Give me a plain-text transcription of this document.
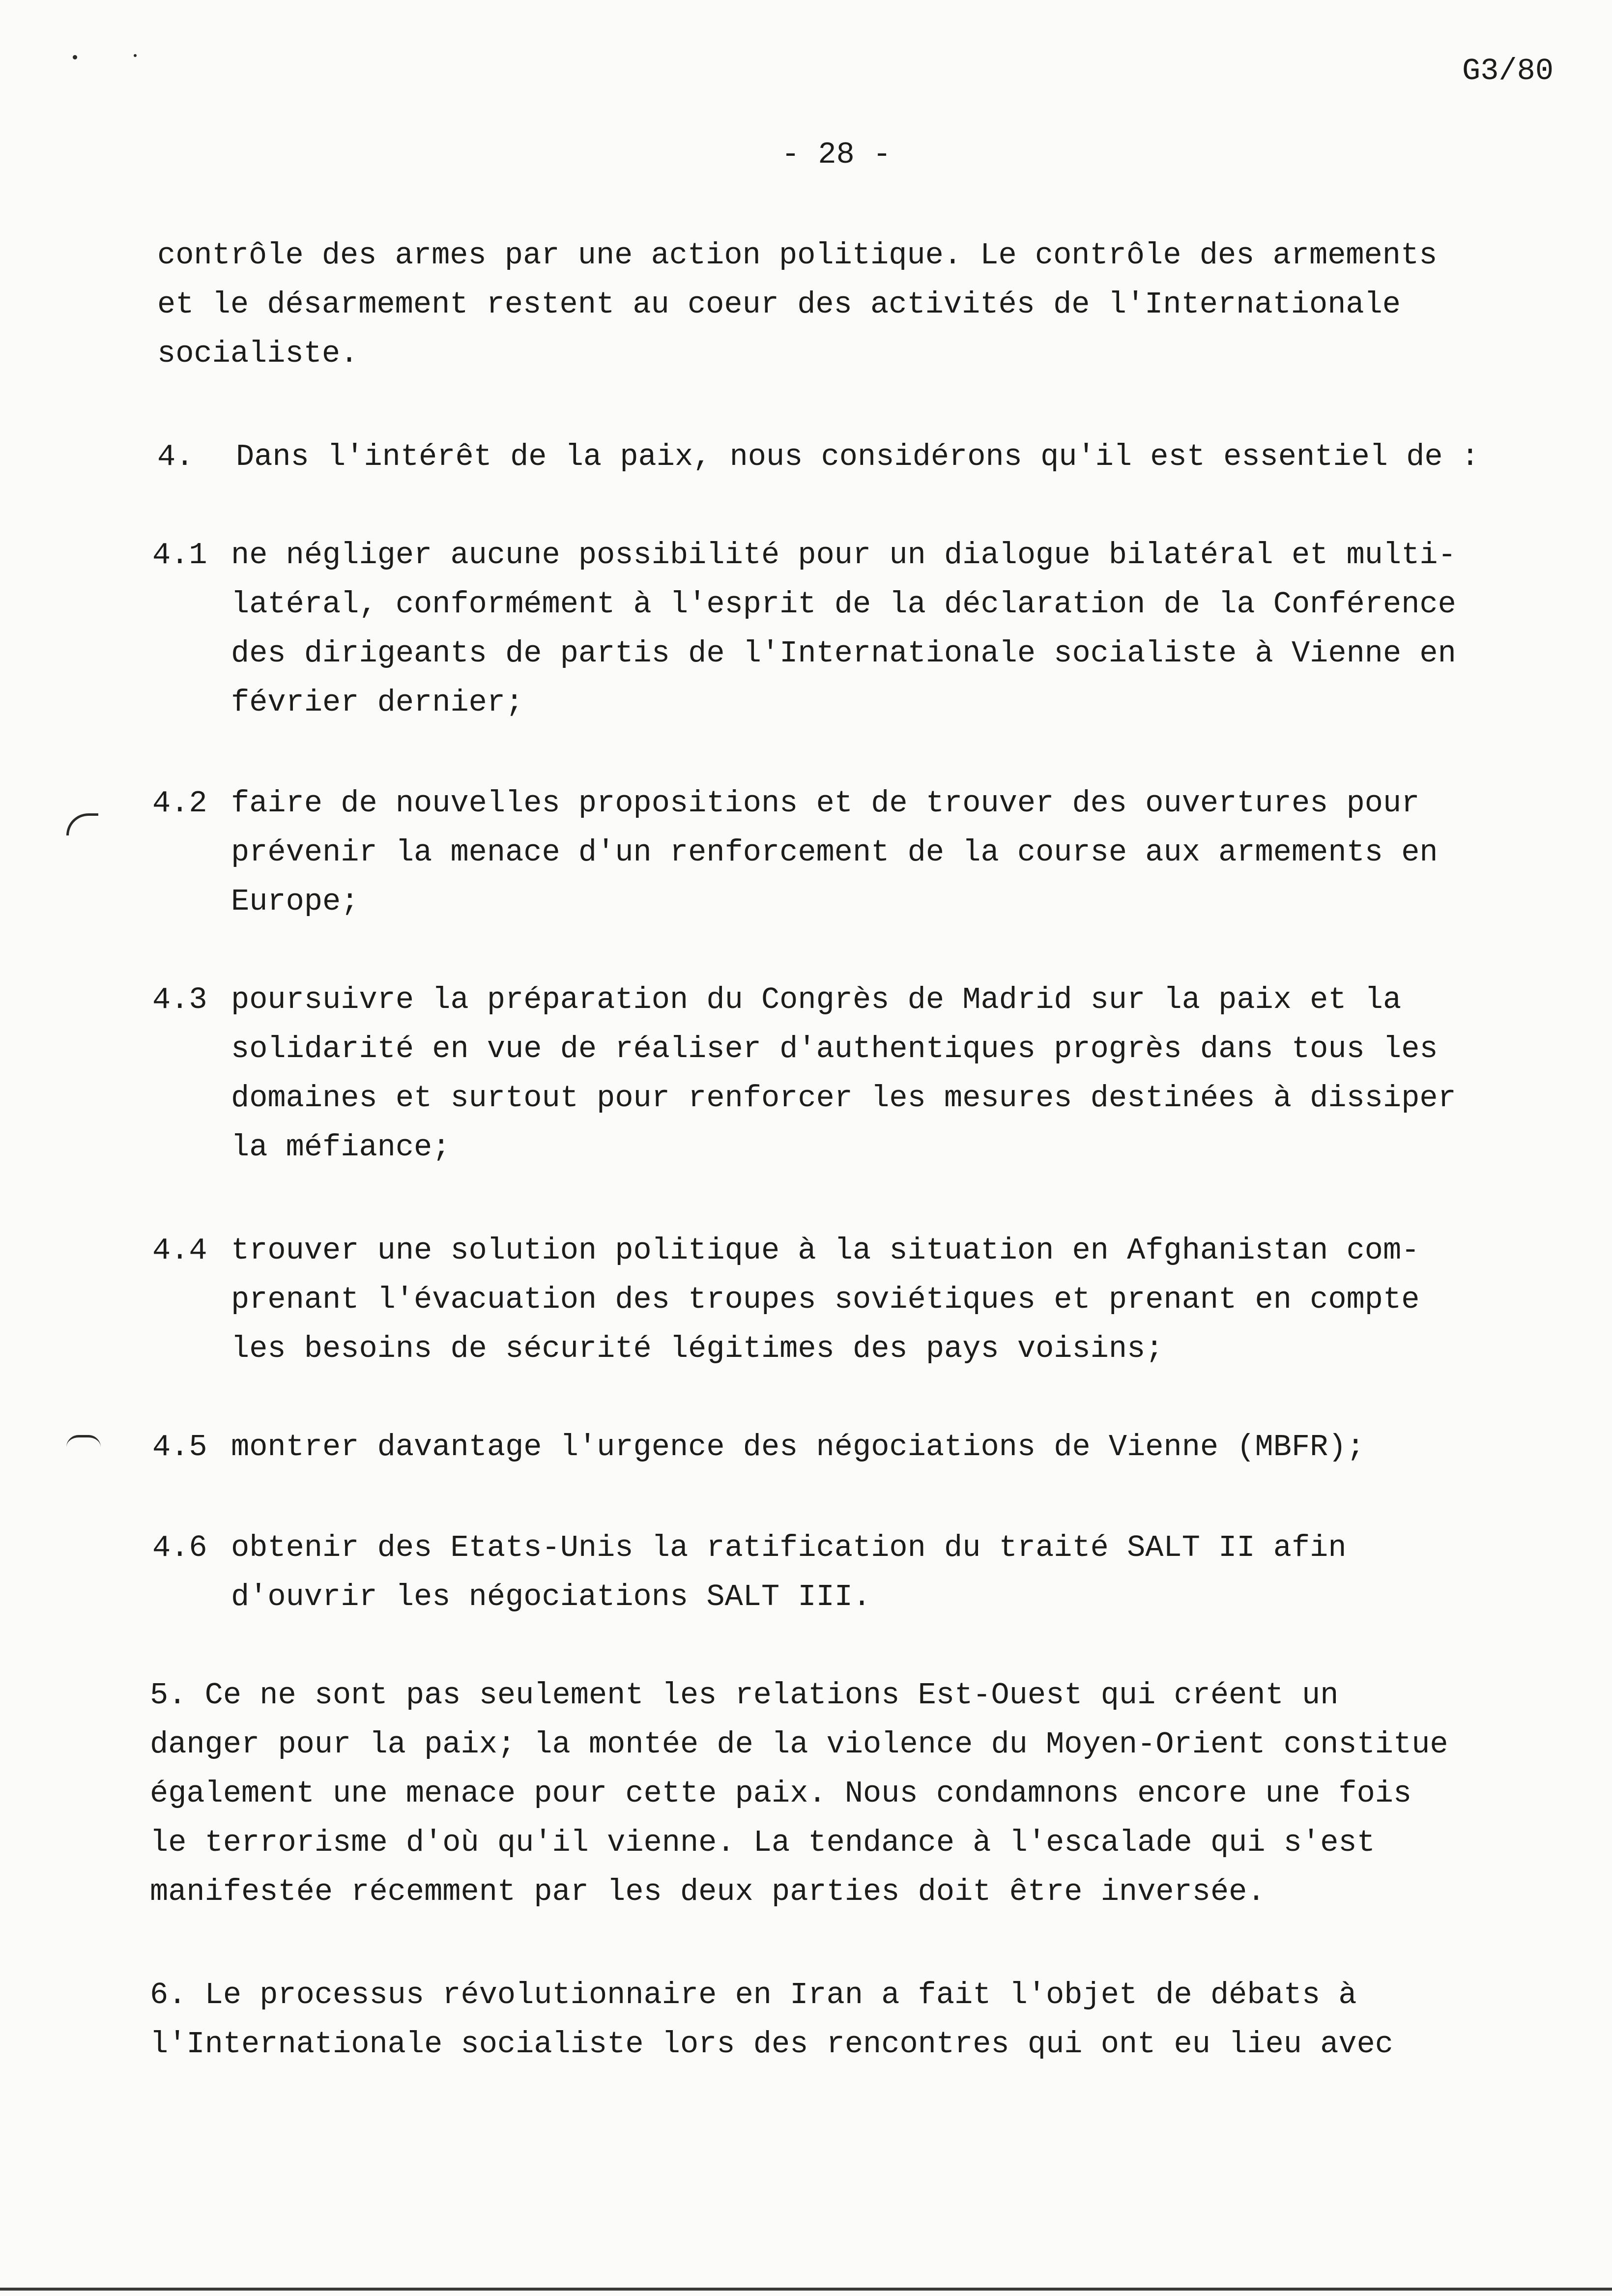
G3/80
- 28 -
contrôle des armes par une action politique. Le contrôle des armements
et le désarmement restent au coeur des activités de l'Internationale
socialiste.
4. Dans l'intérêt de la paix, nous considérons qu'il est essentiel de :
4.1 ne négliger aucune possibilité pour un dialogue bilatéral et multi-
latéral, conformément à l'esprit de la déclaration de la Conférence
des dirigeants de partis de l'Internationale socialiste à Vienne en
février dernier;
4.2 faire de nouvelles propositions et de trouver des ouvertures pour
prévenir la menace d'un renforcement de la course aux armements en
Europe;
4.3 poursuivre la préparation du Congrès de Madrid sur la paix et la
solidarité en vue de réaliser d'authentiques progrès dans tous les
domaines et surtout pour renforcer les mesures destinées à dissiper
la méfiance;
4.4 trouver une solution politique à la situation en Afghanistan com-
prenant l'évacuation des troupes soviétiques et prenant en compte
les besoins de sécurité légitimes des pays voisins;
4.5 montrer davantage l'urgence des négociations de Vienne (MBFR);
4.6 obtenir des Etats-Unis la ratification du traité SALT II afin
d'ouvrir les négociations SALT III.
5. Ce ne sont pas seulement les relations Est-Ouest qui créent un
danger pour la paix; la montée de la violence du Moyen-Orient constitue
également une menace pour cette paix. Nous condamnons encore une fois
le terrorisme d'où qu'il vienne. La tendance à l'escalade qui s'est
manifestée récemment par les deux parties doit être inversée.
6. Le processus révolutionnaire en Iran a fait l'objet de débats à
l'Internationale socialiste lors des rencontres qui ont eu lieu avec
